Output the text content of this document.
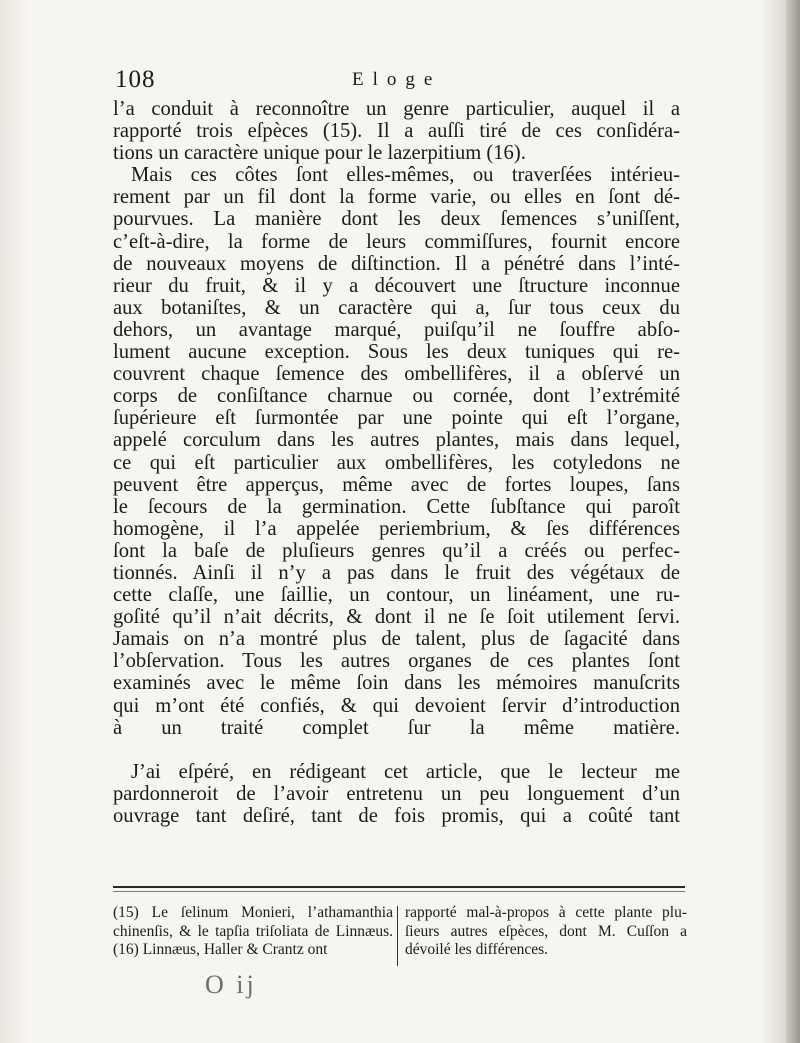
108	Eloge

l’a conduit à reconnoître un genre particulier, auquel il a
rapporté trois eſpèces (15). Il a auſſi tiré de ces conſidéra-
tions un caractère unique pour le lazerpitium (16).

Mais ces côtes ſont elles-mêmes, ou traverſées intérieu-
rement par un fil dont la forme varie, ou elles en ſont dé-
pourvues. La manière dont les deux ſemences s’uniſſent,
c’eſt-à-dire, la forme de leurs commiſſures, fournit encore
de nouveaux moyens de diſtinction. Il a pénétré dans l’inté-
rieur du fruit, & il y a découvert une ſtructure inconnue
aux botaniſtes, & un caractère qui a, ſur tous ceux du
dehors, un avantage marqué, puiſqu’il ne ſouffre abſo-
lument aucune exception. Sous les deux tuniques qui re-
couvrent chaque ſemence des ombellifères, il a obſervé un
corps de conſiſtance charnue ou cornée, dont l’extrémité
ſupérieure eſt ſurmontée par une pointe qui eſt l’organe,
appelé corculum dans les autres plantes, mais dans lequel,
ce qui eſt particulier aux ombellifères, les cotyledons ne
peuvent être apperçus, même avec de fortes loupes, ſans
le ſecours de la germination. Cette ſubſtance qui paroît
homogène, il l’a appelée periembrium, & ſes différences
ſont la baſe de pluſieurs genres qu’il a créés ou perfec-
tionnés. Ainſi il n’y a pas dans le fruit des végétaux de
cette claſſe, une ſaillie, un contour, un linéament, une ru-
goſité qu’il n’ait décrits, & dont il ne ſe ſoit utilement ſervi.
Jamais on n’a montré plus de talent, plus de ſagacité dans
l’obſervation. Tous les autres organes de ces plantes ſont
examinés avec le même ſoin dans les mémoires manuſcrits
qui m’ont été confiés, & qui devoient ſervir d’introduction
à un traité complet ſur la même matière.

J’ai eſpéré, en rédigeant cet article, que le lecteur me
pardonneroit de l’avoir entretenu un peu longuement d’un
ouvrage tant deſiré, tant de fois promis, qui a coûté tant

(15) Le ſelinum Monieri, l’athamanthia
chinenſis, & le tapſia triſoliata de Linnæus.
(16) Linnæus, Haller & Crantz ont
rapporté mal-à-propos à cette plante plu-
ſieurs autres eſpèces, dont M. Cuſſon a
dévoilé les différences.
O ij
